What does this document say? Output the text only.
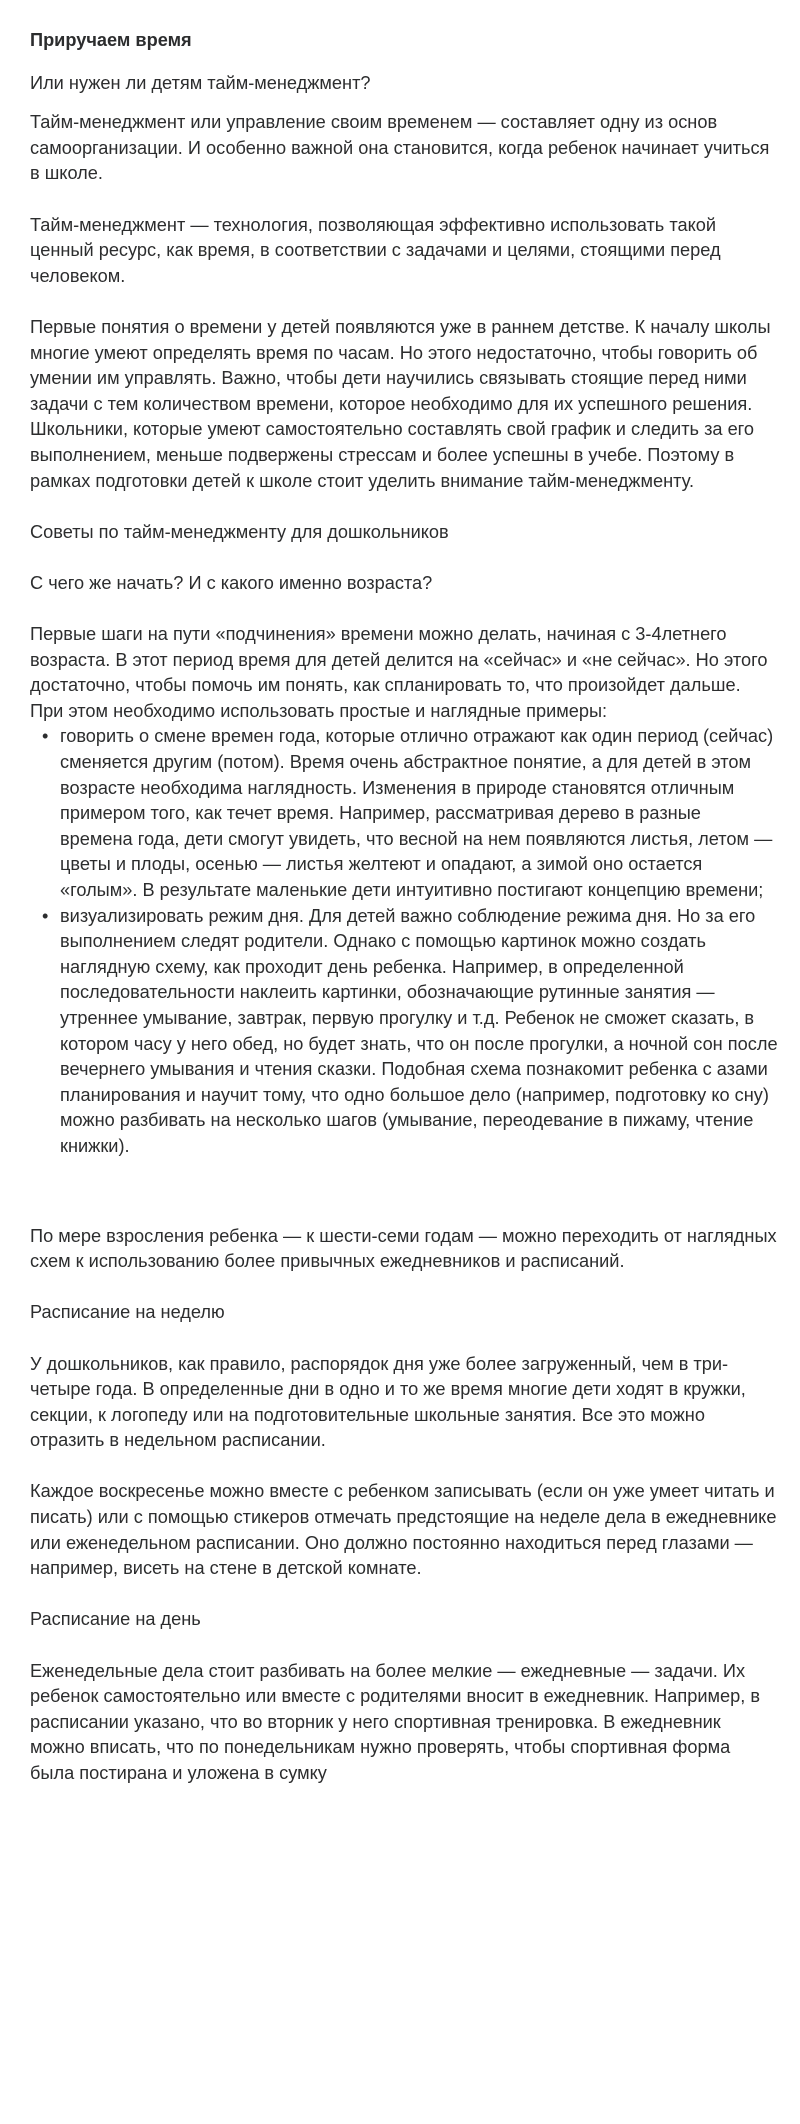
Приручаем время

Или нужен ли детям тайм-менеджмент?

Тайм-менеджмент или управление своим временем — составляет одну из основ самоорганизации. И особенно важной она становится, когда ребенок начинает учиться в школе.

Тайм-менеджмент — технология, позволяющая эффективно использовать такой ценный ресурс, как время, в соответствии с задачами и целями, стоящими перед человеком.

Первые понятия о времени у детей появляются уже в раннем детстве. К началу школы многие умеют определять время по часам. Но этого недостаточно, чтобы говорить об умении им управлять. Важно, чтобы дети научились связывать стоящие перед ними задачи с тем количеством времени, которое необходимо для их успешного решения. Школьники, которые умеют самостоятельно составлять свой график и следить за его выполнением, меньше подвержены стрессам и более успешны в учебе. Поэтому в рамках подготовки детей к школе стоит уделить внимание тайм-менеджменту.

Советы по тайм-менеджменту для дошкольников

С чего же начать? И с какого именно возраста?

Первые шаги на пути «подчинения» времени можно делать, начиная с 3-4летнего возраста. В этот период время для детей делится на «сейчас» и «не сейчас». Но этого достаточно, чтобы помочь им понять, как спланировать то, что произойдет дальше. При этом необходимо использовать простые и наглядные примеры:

• говорить о смене времен года, которые отлично отражают как один период (сейчас) сменяется другим (потом). Время очень абстрактное понятие, а для детей в этом возрасте необходима наглядность. Изменения в природе становятся отличным примером того, как течет время. Например, рассматривая дерево в разные времена года, дети смогут увидеть, что весной на нем появляются листья, летом — цветы и плоды, осенью — листья желтеют и опадают, а зимой оно остается «голым». В результате маленькие дети интуитивно постигают концепцию времени;
• визуализировать режим дня. Для детей важно соблюдение режима дня. Но за его выполнением следят родители. Однако с помощью картинок можно создать наглядную схему, как проходит день ребенка. Например, в определенной последовательности наклеить картинки, обозначающие рутинные занятия — утреннее умывание, завтрак, первую прогулку и т.д. Ребенок не сможет сказать, в котором часу у него обед, но будет знать, что он после прогулки, а ночной сон после вечернего умывания и чтения сказки. Подобная схема познакомит ребенка с азами планирования и научит тому, что одно большое дело (например, подготовку ко сну) можно разбивать на несколько шагов (умывание, переодевание в пижаму, чтение книжки).

По мере взросления ребенка — к шести-семи годам — можно переходить от наглядных схем к использованию более привычных ежедневников и расписаний.

Расписание на неделю

У дошкольников, как правило, распорядок дня уже более загруженный, чем в три-четыре года. В определенные дни в одно и то же время многие дети ходят в кружки, секции, к логопеду или на подготовительные школьные занятия. Все это можно отразить в недельном расписании.

Каждое воскресенье можно вместе с ребенком записывать (если он уже умеет читать и писать) или с помощью стикеров отмечать предстоящие на неделе дела в ежедневнике или еженедельном расписании. Оно должно постоянно находиться перед глазами — например, висеть на стене в детской комнате.

Расписание на день

Еженедельные дела стоит разбивать на более мелкие — ежедневные — задачи. Их ребенок самостоятельно или вместе с родителями вносит в ежедневник. Например, в расписании указано, что во вторник у него спортивная тренировка. В ежедневник можно вписать, что по понедельникам нужно проверять, чтобы спортивная форма была постирана и уложена в сумку
